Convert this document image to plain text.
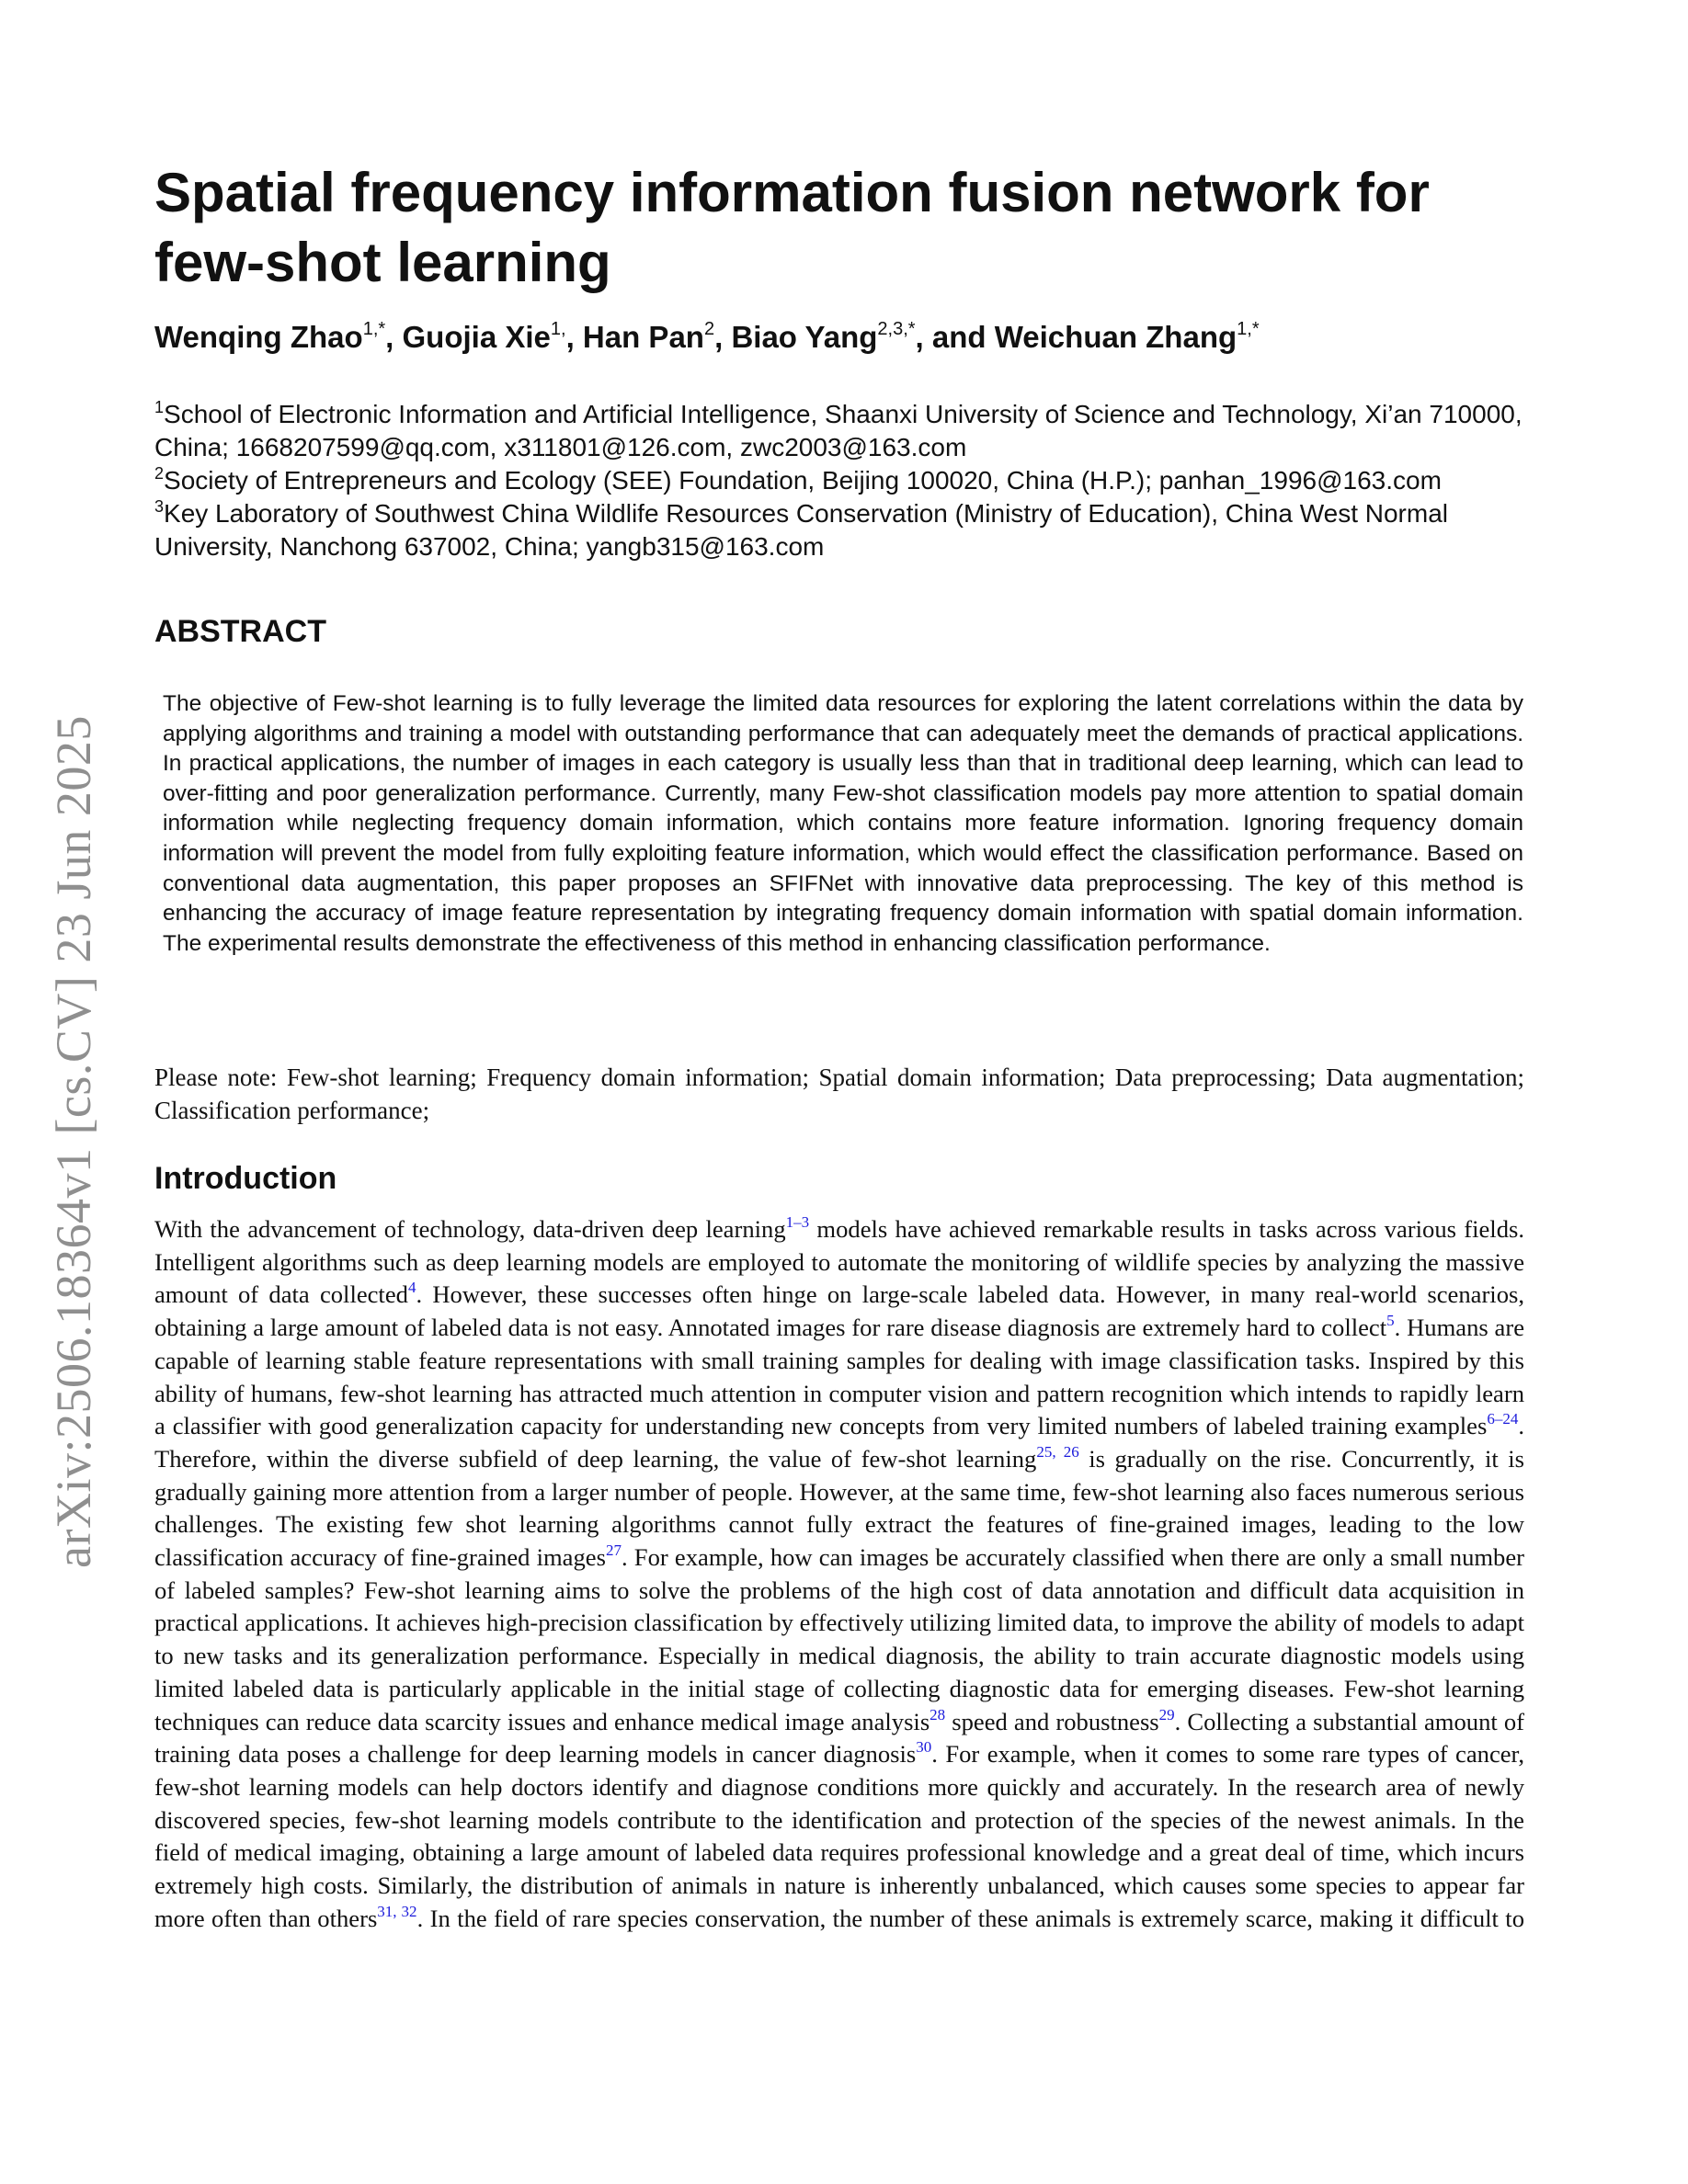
arXiv:2506.18364v1 [cs.CV] 23 Jun 2025
Spatial frequency information fusion network for few-shot learning
Wenqing Zhao$^{1,*}$, Guojia Xie$^{1,}$, Han Pan$^2$, Biao Yang$^{2,3,*}$, and Weichuan Zhang$^{1,*}$

$^1$School of Electronic Information and Artificial Intelligence, Shaanxi University of Science and Technology, Xi’an 710000, China; 1668207599@qq.com, x311801@126.com, zwc2003@163.com

$^2$Society of Entrepreneurs and Ecology (SEE) Foundation, Beijing 100020, China (H.P.); panhan_1996@163.com

$^3$Key Laboratory of Southwest China Wildlife Resources Conservation (Ministry of Education), China West Normal University, Nanchong 637002, China; yangb315@163.com

ABSTRACT

The objective of Few-shot learning is to fully leverage the limited data resources for exploring the latent correlations within the data by applying algorithms and training a model with outstanding performance that can adequately meet the demands of practical applications. In practical applications, the number of images in each category is usually less than that in traditional deep learning, which can lead to over-fitting and poor generalization performance. Currently, many Few-shot classification models pay more attention to spatial domain information while neglecting frequency domain information, which contains more feature information. Ignoring frequency domain information will prevent the model from fully exploiting feature information, which would effect the classification performance. Based on conventional data augmentation, this paper proposes an SFIFNet with innovative data preprocessing. The key of this method is enhancing the accuracy of image feature representation by integrating frequency domain information with spatial domain information. The experimental results demonstrate the effectiveness of this method in enhancing classification performance.

Please note: Few-shot learning; Frequency domain information; Spatial domain information; Data preprocessing; Data augmentation; Classification performance;

Introduction

With the advancement of technology, data-driven deep learning$^{1-3}$ models have achieved remarkable results in tasks across various fields. Intelligent algorithms such as deep learning models are employed to automate the monitoring of wildlife species by analyzing the massive amount of data collected$^4$. However, these successes often hinge on large-scale labeled data. However, in many real-world scenarios, obtaining a large amount of labeled data is not easy. Annotated images for rare disease diagnosis are extremely hard to collect$^5$. Humans are capable of learning stable feature representations with small training samples for dealing with image classification tasks. Inspired by this ability of humans, few-shot learning has attracted much attention in computer vision and pattern recognition which intends to rapidly learn a classifier with good generalization capacity for understanding new concepts from very limited numbers of labeled training examples$^{6-24}$. Therefore, within the diverse subfield of deep learning, the value of few-shot learning$^{25, 26}$ is gradually on the rise. Concurrently, it is gradually gaining more attention from a larger number of people. However, at the same time, few-shot learning also faces numerous serious challenges. The existing few shot learning algorithms cannot fully extract the features of fine-grained images, leading to the low classification accuracy of fine-grained images$^{27}$. For example, how can images be accurately classified when there are only a small number of labeled samples? Few-shot learning aims to solve the problems of the high cost of data annotation and difficult data acquisition in practical applications. It achieves high-precision classification by effectively utilizing limited data, to improve the ability of models to adapt to new tasks and its generalization performance. Especially in medical diagnosis, the ability to train accurate diagnostic models using limited labeled data is particularly applicable in the initial stage of collecting diagnostic data for emerging diseases. Few-shot learning techniques can reduce data scarcity issues and enhance medical image analysis$^{28}$ speed and robustness$^{29}$. Collecting a substantial amount of training data poses a challenge for deep learning models in cancer diagnosis$^{30}$. For example, when it comes to some rare types of cancer, few-shot learning models can help doctors identify and diagnose conditions more quickly and accurately. In the research area of newly discovered species, few-shot learning models contribute to the identification and protection of the species of the newest animals. In the field of medical imaging, obtaining a large amount of labeled data requires professional knowledge and a great deal of time, which incurs extremely high costs. Similarly, the distribution of animals in nature is inherently unbalanced, which causes some species to appear far more often than others$^{31, 32}$. In the field of rare species conservation, the number of these animals is extremely scarce, making it difficult to
